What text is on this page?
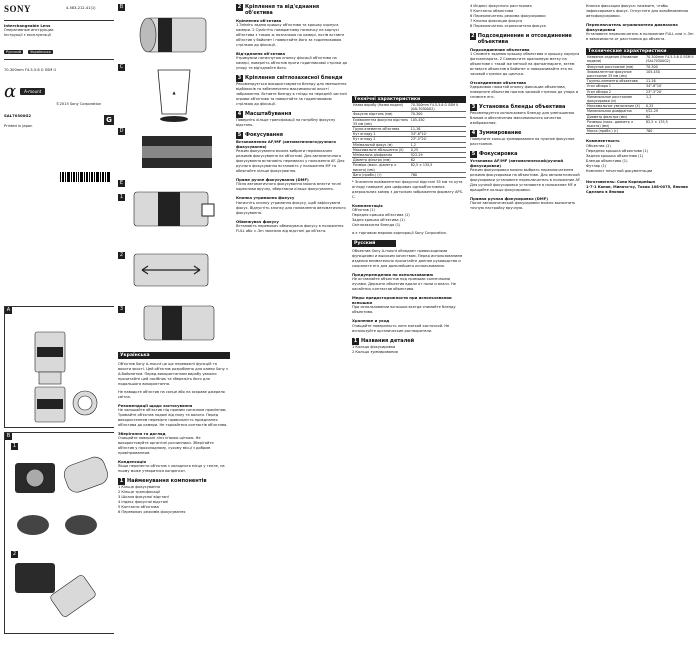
SONY	4-583-212-41(1)
Interchangeable Lens
Оперативные инструкции
Інструкції з експлуатації
Русский	Українська
70-300mm F4.5-5.6 G SSM II
G
α	A-mount
©2015 Sony Corporation
SAL70300G2
Printed in Japan
A
B
1
2
B
C
▲
D
E
1
2
3
Українська
Об'єктив Sony A-mount це ще переважні функцій та висоти якості. Цей об'єктив розроблено для камер Sony з A-байонетом. Перед використанням виробу уважно прочитайте цей посібник та збережіть його для подальшого використання.
Не наводьте об'єктив на сонце або на яскраве джерело світла.
Рекомендації щодо застосування
Не залишайте об'єктив під прямим сонячним промінням. Тримайте об'єктив подалі від пилу та вологи. Перед використанням перевірте правильність приєднання об'єктива до камери. Не торкайтеся контактів об'єктива.
Зберігання та догляд
Очищайте поверхні лінз м'якою щіткою. Не використовуйте органічні розчинники. Зберігайте об'єктив у прохолодному, сухому місці з добрим провітрюванням.
Конденсація
Якщо перенести об'єктив з холодного місця у тепле, на ньому може утворитися конденсат.
1 Найменування компонентів
1 Кільце фокусування
2 Кільце трансфокації
3 Шкала фокусної відстані
4 Індекс фокусної відстані
5 Контакти об'єктива
6 Перемикач режимів фокусування
2 Кріплення та від'єднання об'єктива
Кріплення об'єктива
1 Зніміть задню кришку об'єктива та кришку корпуса камери. 2 Сумістіть помаранчеву позначку на корпусі об'єктива з такою ж позначкою на камері, потім вставте об'єктив у байонет і повертайте його за годинниковою стрілкою до фіксації.
Від'єднання об'єктива
Утримуючи натиснутою кнопку фіксації об'єктива на камері, поверніть об'єктив проти годинникової стрілки до упору та від'єднайте його.
3 Кріплення світлозахисної бленди
Рекомендується використовувати бленду для зменшення відблисків та забезпечення максимальної якості зображення. Вставте бленду в гніздо на передній частині оправи об'єктива та повертайте за годинниковою стрілкою до фіксації.
4 Масштабування
Поверніть кільце трансфокації на потрібну фокусну відстань.
5 Фокусування
Встановлення AF/MF (автоматичного/ручного фокусування)
Режим фокусування можна вибрати перемикачем режимів фокусування на об'єктиві. Для автоматичного фокусування встановіть перемикач у положення AF. Для ручного фокусування встановіть у положення MF та обертайте кільце фокусування.
Пряме ручне фокусування (DMF)
Після автоматичного фокусування можна внести точні корективи вручну, обертаючи кільце фокусування.
Кнопка утримання фокусу
Натисніть кнопку утримання фокусу, щоб зафіксувати фокус. Відпустіть кнопку для поновлення автоматичного фокусування.
Обмежувач фокусу
Встановіть перемикач обмежувача фокусу в положення FULL або ∞-3m залежно від відстані до об'єкта.
Технічні характеристики
Назва виробу (Назва моделі)	70-300mm F4.5-5.6 G SSM II (SAL70300G2)
Фокусна відстань (мм)	70-300
Еквівалентна фокусна відстань 35 мм (мм)	105-450
Групи-елементи об'єктива	11-16
Кут огляду 1	34°-8°10'
Кут огляду 2	23°-5°20'
Мінімальний фокус (м)	1,2
Максимальне збільшення (X)	0,25
Мінімальна діафрагма	f/22-29
Діаметр фільтра (мм)	62
Розміри (макс. діаметр × висота) (мм)	82,5 × 135,5
Вага (прибл.) (г)	760
* Значення еквівалентної фокусної відстані 35 мм та кута огляду наведені для цифрових однооб'єктивних дзеркальних камер з датчиком зображення формату APS-C.
Комплектація
Об'єктив (1)
Передня кришка об'єктива (1)
Задня кришка об'єктива (1)
Світлозахисна бленда (1)
α є торговою маркою корпорації Sony Corporation.
Русский
Объектив Sony A-mount обладает превосходными функциями и высоким качеством. Перед использованием изделия внимательно прочитайте данное руководство и сохраните его для дальнейшего использования.
Предупреждения по использованию
Не оставляйте объектив под прямыми солнечными лучами. Держите объектив вдали от пыли и влаги. Не касайтесь контактов объектива.
Меры предосторожности при использовании вспышки
При использовании вспышки всегда снимайте бленду объектива.
Хранение и уход
Очищайте поверхность линз мягкой кисточкой. Не используйте органические растворители.
1 Названия деталей
1 Кольцо фокусировки
2 Кольцо зуммирования
4 Индекс фокусного расстояния
5 Контакты объектива
6 Переключатель режима фокусировки
7 Кнопка фиксации фокуса
8 Переключатель ограничителя фокуса
2 Подсоединение и отсоединение объектива
Подсоединение объектива
1 Снимите заднюю крышку объектива и крышку корпуса фотоаппарата. 2 Совместите оранжевую метку на объективе с такой же меткой на фотоаппарате, затем вставьте объектив в байонет и поворачивайте его по часовой стрелке до щелчка.
Отсоединение объектива
Удерживая нажатой кнопку фиксации объектива, поверните объектив против часовой стрелки до упора и снимите его.
3 Установка бленды объектива
Рекомендуется использовать бленду для уменьшения бликов и обеспечения максимального качества изображения.
4 Зуммирование
Поверните кольцо зуммирования на нужное фокусное расстояние.
5 Фокусировка
Установка AF/MF (автоматической/ручной фокусировки)
Режим фокусировки можно выбрать переключателем режима фокусировки на объективе. Для автоматической фокусировки установите переключатель в положение AF. Для ручной фокусировки установите в положение MF и вращайте кольцо фокусировки.
Прямая ручная фокусировка (DMF)
После автоматической фокусировки можно выполнить точную настройку вручную.
Кнопка фиксации фокуса: нажмите, чтобы зафиксировать фокус. Отпустите для возобновления автофокусировки.
Переключатель ограничителя диапазона фокусировки
Установите переключатель в положение FULL или ∞-3m в зависимости от расстояния до объекта.
Технические характеристики
Название изделия (Название модели)	70-300mm F4.5-5.6 G SSM II (SAL70300G2)
Фокусное расстояние (мм)	70-300
Эквивалентное фокусное расстояние 35 мм (мм)	105-450
Группы-элементы объектива	11-16
Угол обзора 1	34°-8°10'
Угол обзора 2	23°-5°20'
Минимальное расстояние фокусировки (м)	1,2
Максимальное увеличение (X)	0,25
Минимальная диафрагма	f/22-29
Диаметр фильтра (мм)	62
Размеры (макс. диаметр × высота) (мм)	82,5 × 135,5
Масса (прибл.) (г)	760
Комплектность
Объектив (1)
Передняя крышка объектива (1)
Задняя крышка объектива (1)
Бленда объектива (1)
Футляр (1)
Комплект печатной документации
Изготовитель: Сони Корпорейшн
1-7-1 Конан, Минато-ку, Токио 108-0075, Япония
Сделано в Японии
